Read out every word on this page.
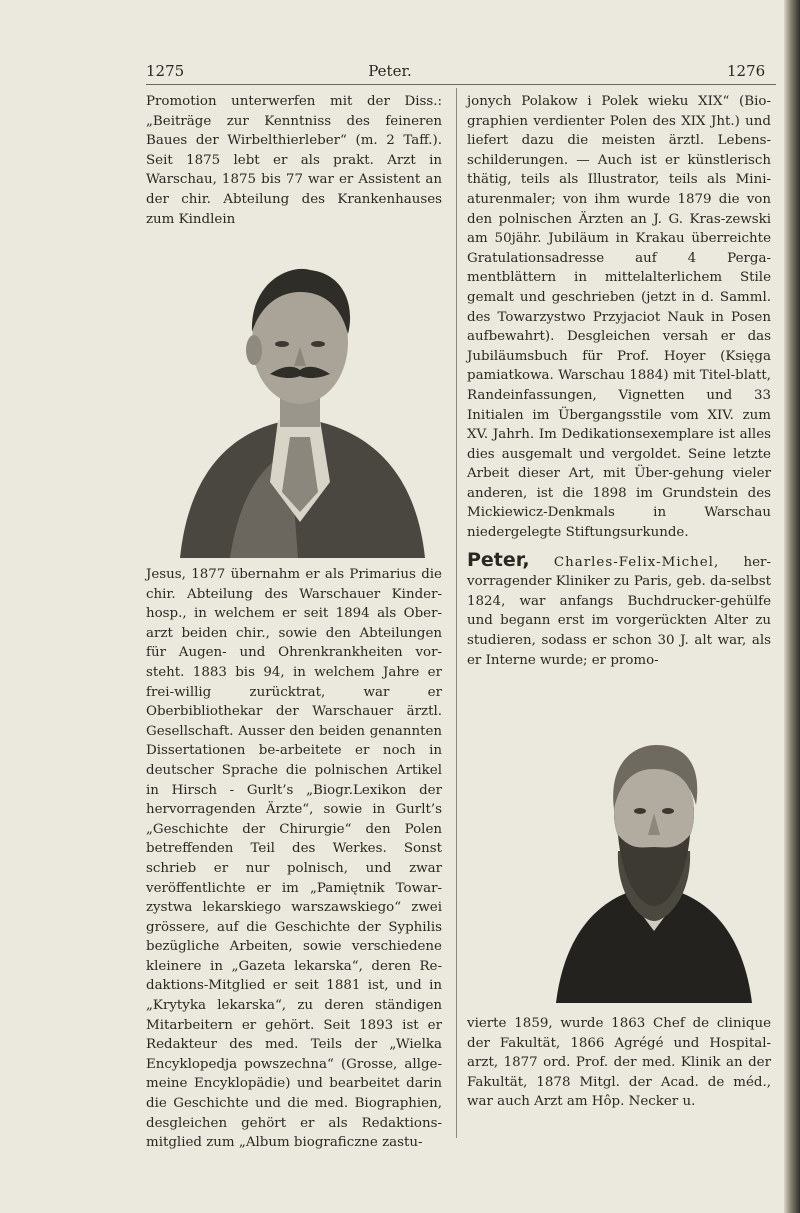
1275	Peter.	1276

Promotion unterwerfen mit der Diss.: „Beiträge zur Kenntniss des feineren Baues der Wirbelthierleber“ (m. 2 Taff.). Seit 1875 lebt er als prakt. Arzt in Warschau, 1875 bis 77 war er Assistent an der chir. Abteilung des Krankenhauses zum Kindlein

Jesus, 1877 übernahm er als Primarius die chir. Abteilung des Warschauer Kinder-hosp., in welchem er seit 1894 als Ober-arzt beiden chir., sowie den Abteilungen für Augen- und Ohrenkrankheiten vor-steht. 1883 bis 94, in welchem Jahre er frei-willig zurücktrat, war er Oberbibliothekar der Warschauer ärztl. Gesellschaft. Ausser den beiden genannten Dissertationen be-arbeitete er noch in deutscher Sprache die polnischen Artikel in Hirsch - Gurlt’s „Biogr.Lexikon der hervorragenden Ärzte“, sowie in Gurlt’s „Geschichte der Chirurgie“ den Polen betreffenden Teil des Werkes. Sonst schrieb er nur polnisch, und zwar veröffentlichte er im „Pamiętnik Towar-zystwa lekarskiego warszawskiego“ zwei grössere, auf die Geschichte der Syphilis bezügliche Arbeiten, sowie verschiedene kleinere in „Gazeta lekarska“, deren Re-daktions-Mitglied er seit 1881 ist, und in „Krytyka lekarska“, zu deren ständigen Mitarbeitern er gehört. Seit 1893 ist er Redakteur des med. Teils der „Wielka Encyklopedja powszechna“ (Grosse, allge-meine Encyklopädie) und bearbeitet darin die Geschichte und die med. Biographien, desgleichen gehört er als Redaktions-mitglied zum „Album biograficzne zastu-

jonych Polakow i Polek wieku XIX“ (Bio-graphien verdienter Polen des XIX Jht.) und liefert dazu die meisten ärztl. Lebens-schilderungen. — Auch ist er künstlerisch thätig, teils als Illustrator, teils als Mini-aturenmaler; von ihm wurde 1879 die von den polnischen Ärzten an J. G. Kras-zewski am 50jähr. Jubiläum in Krakau überreichte Gratulationsadresse auf 4 Perga-mentblättern in mittelalterlichem Stile gemalt und geschrieben (jetzt in d. Samml. des Towarzystwo Przyjaciot Nauk in Posen aufbewahrt). Desgleichen versah er das Jubiläumsbuch für Prof. Hoyer (Księga pamiatkowa. Warschau 1884) mit Titel-blatt, Randeinfassungen, Vignetten und 33 Initialen im Übergangsstile vom XIV. zum XV. Jahrh. Im Dedikationsexemplare ist alles dies ausgemalt und vergoldet. Seine letzte Arbeit dieser Art, mit Über-gehung vieler anderen, ist die 1898 im Grundstein des Mickiewicz-Denkmals in Warschau niedergelegte Stiftungsurkunde.

Peter, Charles-Felix-Michel, her-vorragender Kliniker zu Paris, geb. da-selbst 1824, war anfangs Buchdrucker-gehülfe und begann erst im vorgerückten Alter zu studieren, sodass er schon 30 J. alt war, als er Interne wurde; er promo-

vierte 1859, wurde 1863 Chef de clinique der Fakultät, 1866 Agrégé und Hospital-arzt, 1877 ord. Prof. der med. Klinik an der Fakultät, 1878 Mitgl. der Acad. de méd., war auch Arzt am Hôp. Necker u.
